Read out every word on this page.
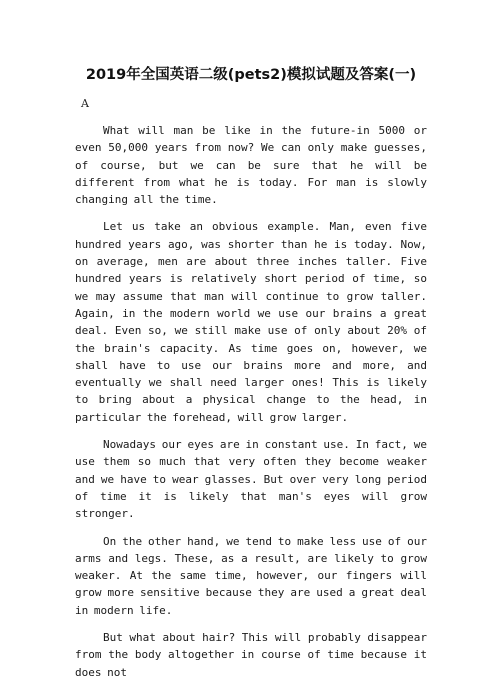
2019年全国英语二级(pets2)模拟试题及答案(一)
A

What will man be like in the future-in 5000 or even 50,000 years from now? We can only make guesses, of course, but we can be sure that he will be different from what he is today. For man is slowly changing all the time.

Let us take an obvious example. Man, even five hundred years ago, was shorter than he is today. Now, on average, men are about three inches taller. Five hundred years is relatively short period of time, so we may assume that man will continue to grow taller. Again, in the modern world we use our brains a great deal. Even so, we still make use of only about 20% of the brain's capacity. As time goes on, however, we shall have to use our brains more and more, and eventually we shall need larger ones! This is likely to bring about a physical change to the head, in particular the forehead, will grow larger.

Nowadays our eyes are in constant use. In fact, we use them so much that very often they become weaker and we have to wear glasses. But over very long period of time it is likely that man's eyes will grow stronger.

On the other hand, we tend to make less use of our arms and legs. These, as a result, are likely to grow weaker. At the same time, however, our fingers will grow more sensitive because they are used a great deal in modern life.

But what about hair? This will probably disappear from the body altogether in course of time because it does not
